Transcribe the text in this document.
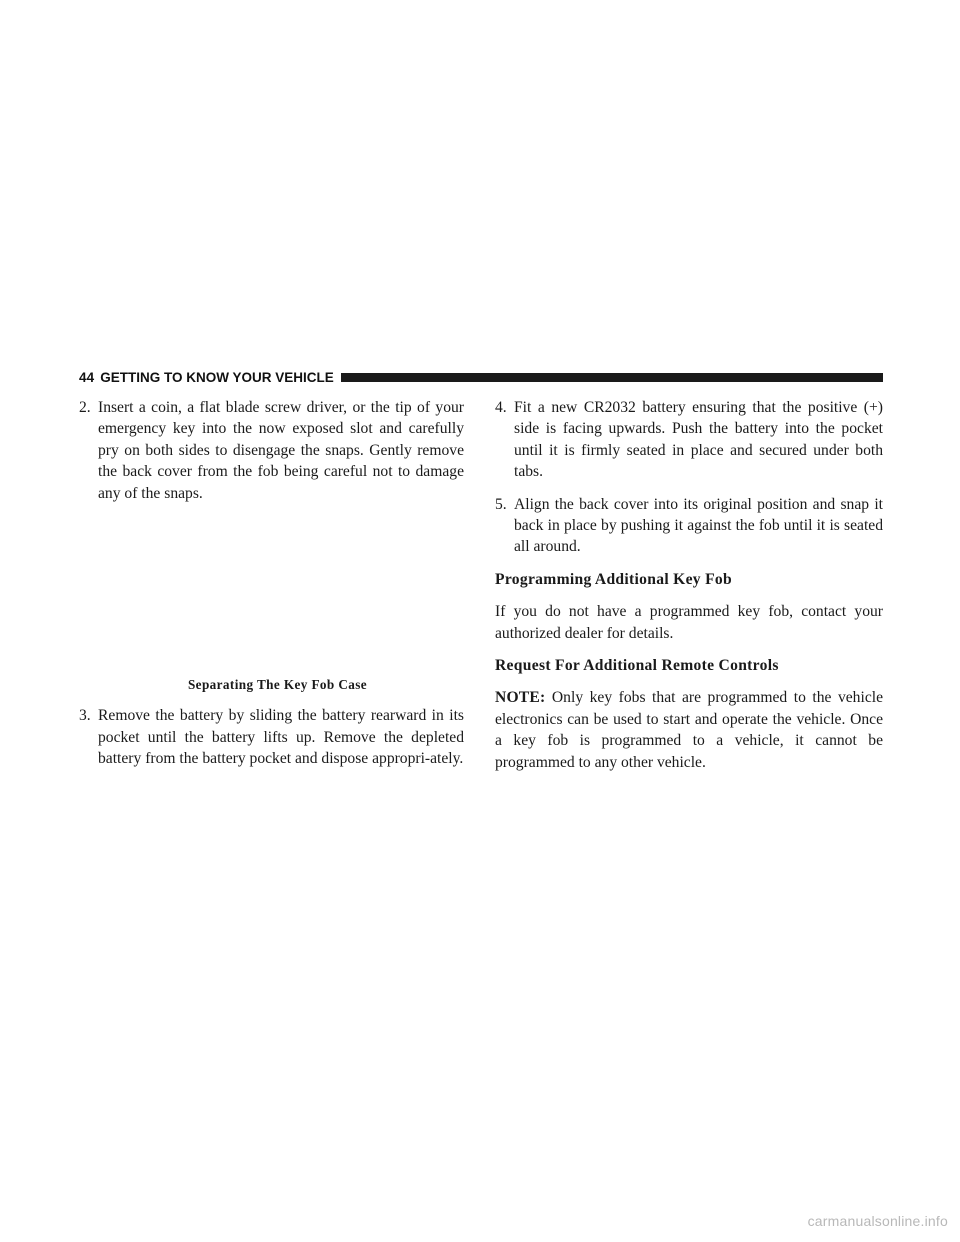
44 GETTING TO KNOW YOUR VEHICLE

2. Insert a coin, a flat blade screw driver, or the tip of your emergency key into the now exposed slot and carefully pry on both sides to disengage the snaps. Gently remove the back cover from the fob being careful not to damage any of the snaps.

Separating The Key Fob Case

3. Remove the battery by sliding the battery rearward in its pocket until the battery lifts up. Remove the depleted battery from the battery pocket and dispose appropri-ately.

4. Fit a new CR2032 battery ensuring that the positive (+) side is facing upwards. Push the battery into the pocket until it is firmly seated in place and secured under both tabs.

5. Align the back cover into its original position and snap it back in place by pushing it against the fob until it is seated all around.

Programming Additional Key Fob

If you do not have a programmed key fob, contact your authorized dealer for details.

Request For Additional Remote Controls

NOTE: Only key fobs that are programmed to the vehicle electronics can be used to start and operate the vehicle. Once a key fob is programmed to a vehicle, it cannot be programmed to any other vehicle.

carmanualsonline.info
